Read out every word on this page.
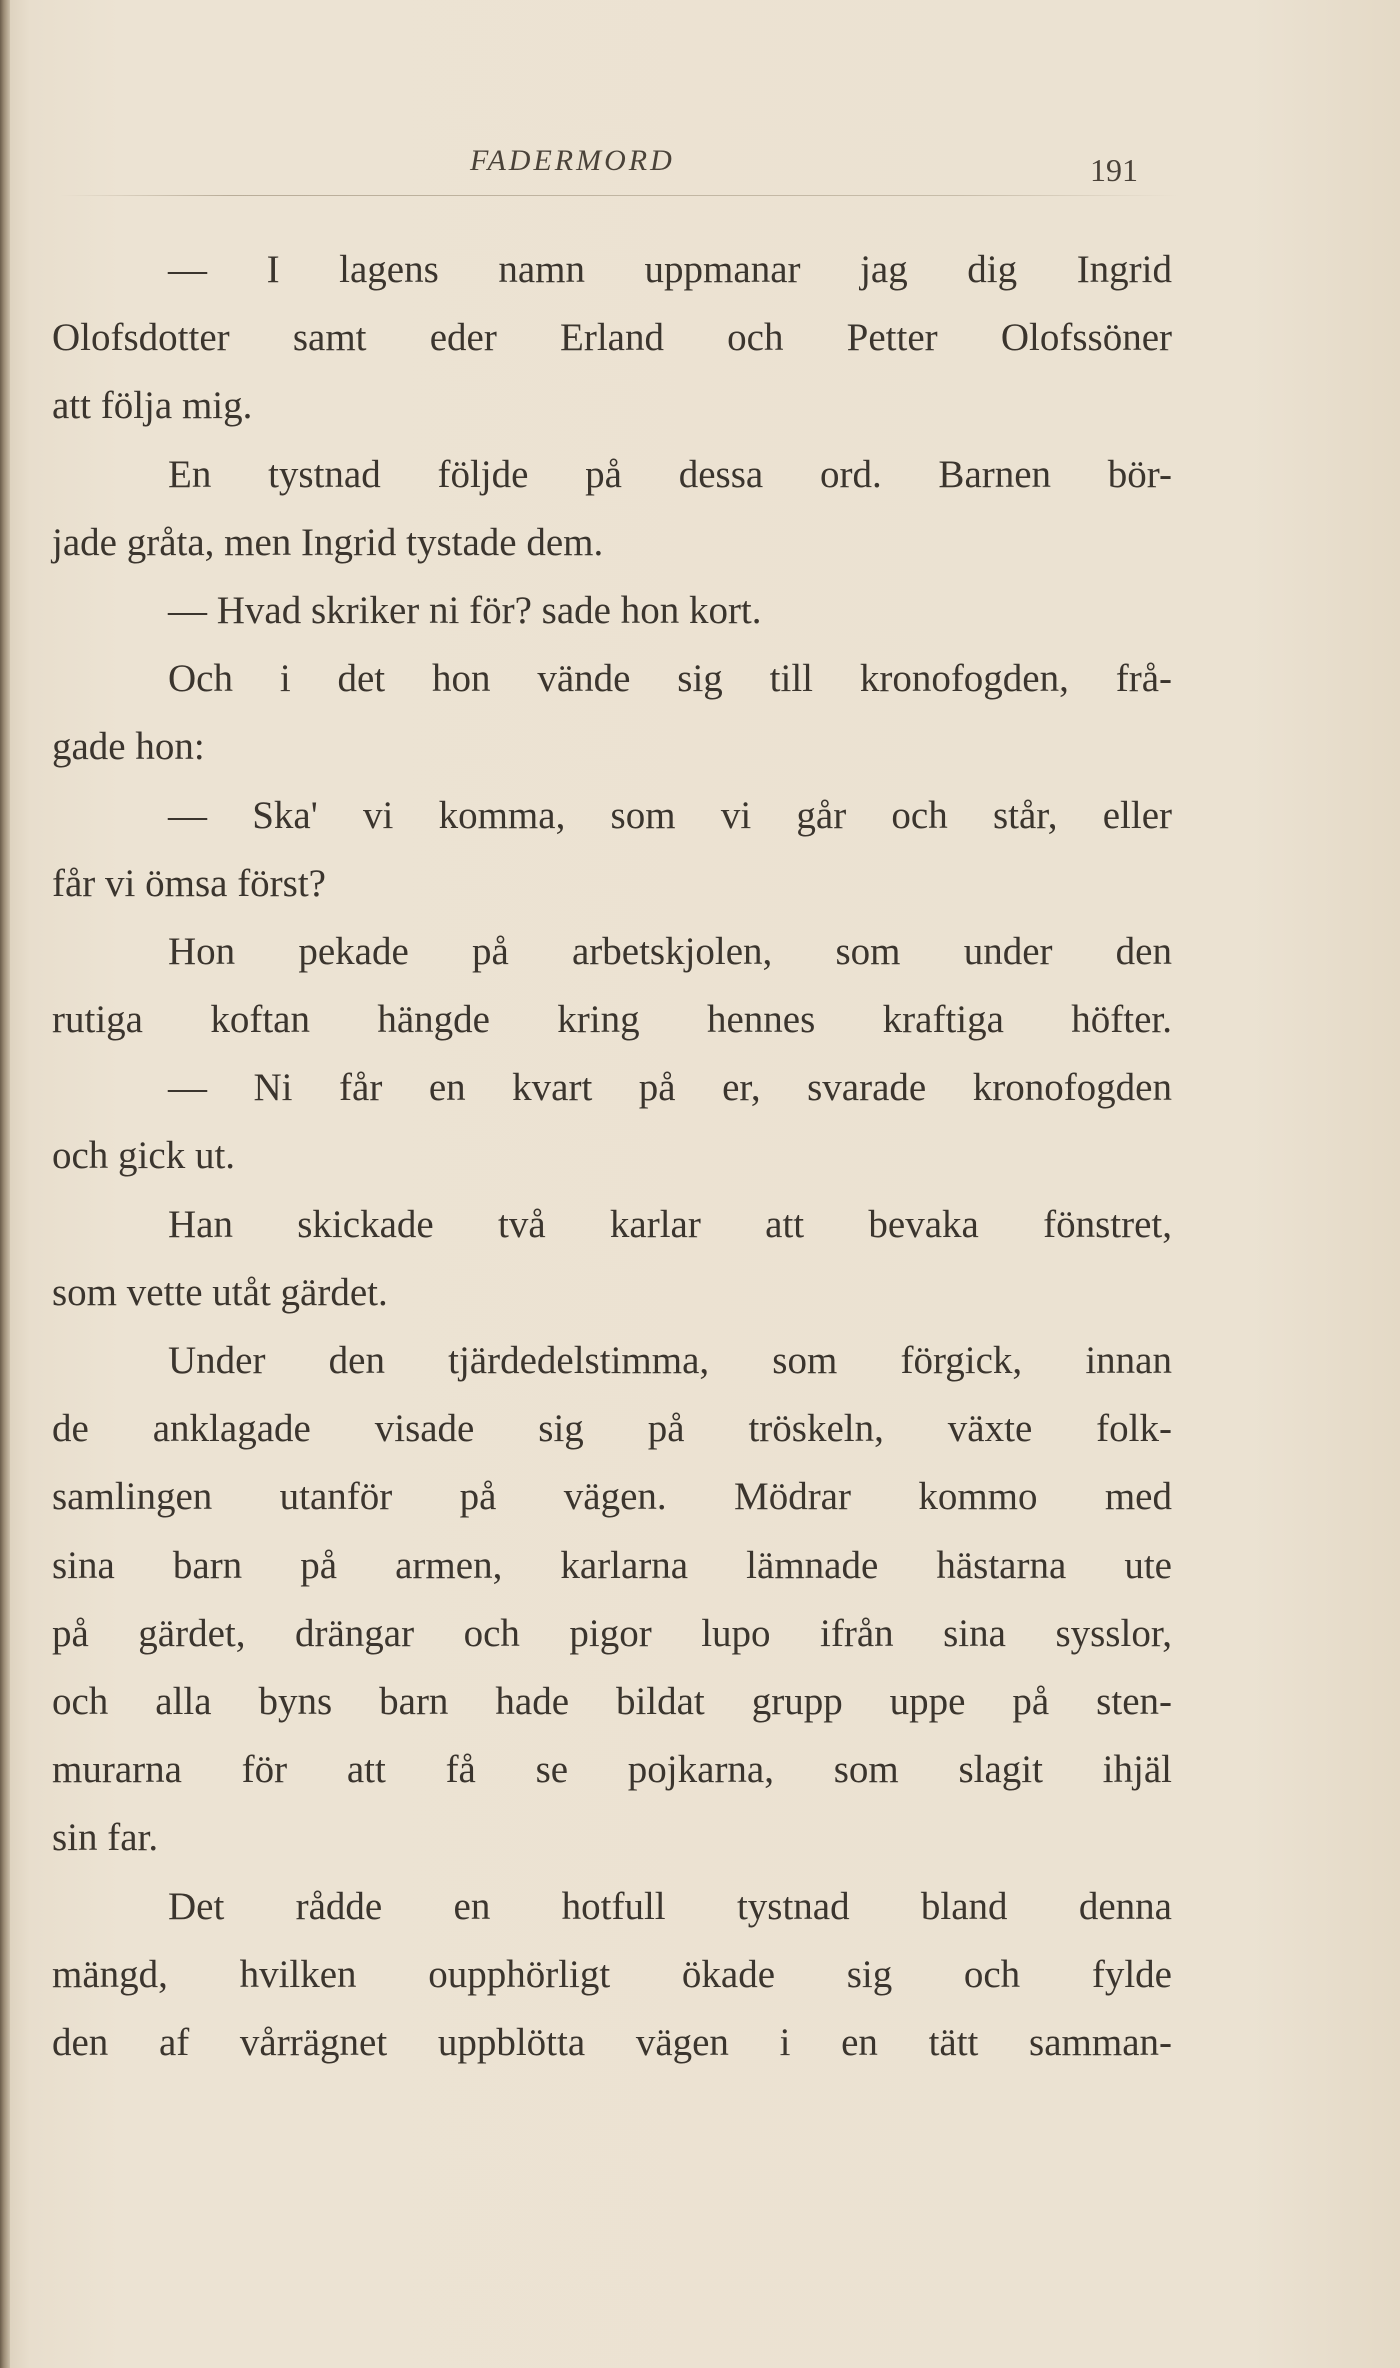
FADERMORD	191
— I lagens namn uppmanar jag dig Ingrid
Olofsdotter samt eder Erland och Petter Olofssöner
att följa mig.
En tystnad följde på dessa ord. Barnen bör-
jade gråta, men Ingrid tystade dem.
— Hvad skriker ni för? sade hon kort.
Och i det hon vände sig till kronofogden, frå-
gade hon:
— Ska' vi komma, som vi går och står, eller
får vi ömsa först?
Hon pekade på arbetskjolen, som under den
rutiga koftan hängde kring hennes kraftiga höfter.
— Ni får en kvart på er, svarade kronofogden
och gick ut.
Han skickade två karlar att bevaka fönstret,
som vette utåt gärdet.
Under den tjärdedelstimma, som förgick, innan
de anklagade visade sig på tröskeln, växte folk-
samlingen utanför på vägen. Mödrar kommo med
sina barn på armen, karlarna lämnade hästarna ute
på gärdet, drängar och pigor lupo ifrån sina sysslor,
och alla byns barn hade bildat grupp uppe på sten-
murarna för att få se pojkarna, som slagit ihjäl
sin far.
Det rådde en hotfull tystnad bland denna
mängd, hvilken oupphörligt ökade sig och fylde
den af vårrägnet uppblötta vägen i en tätt samman-
